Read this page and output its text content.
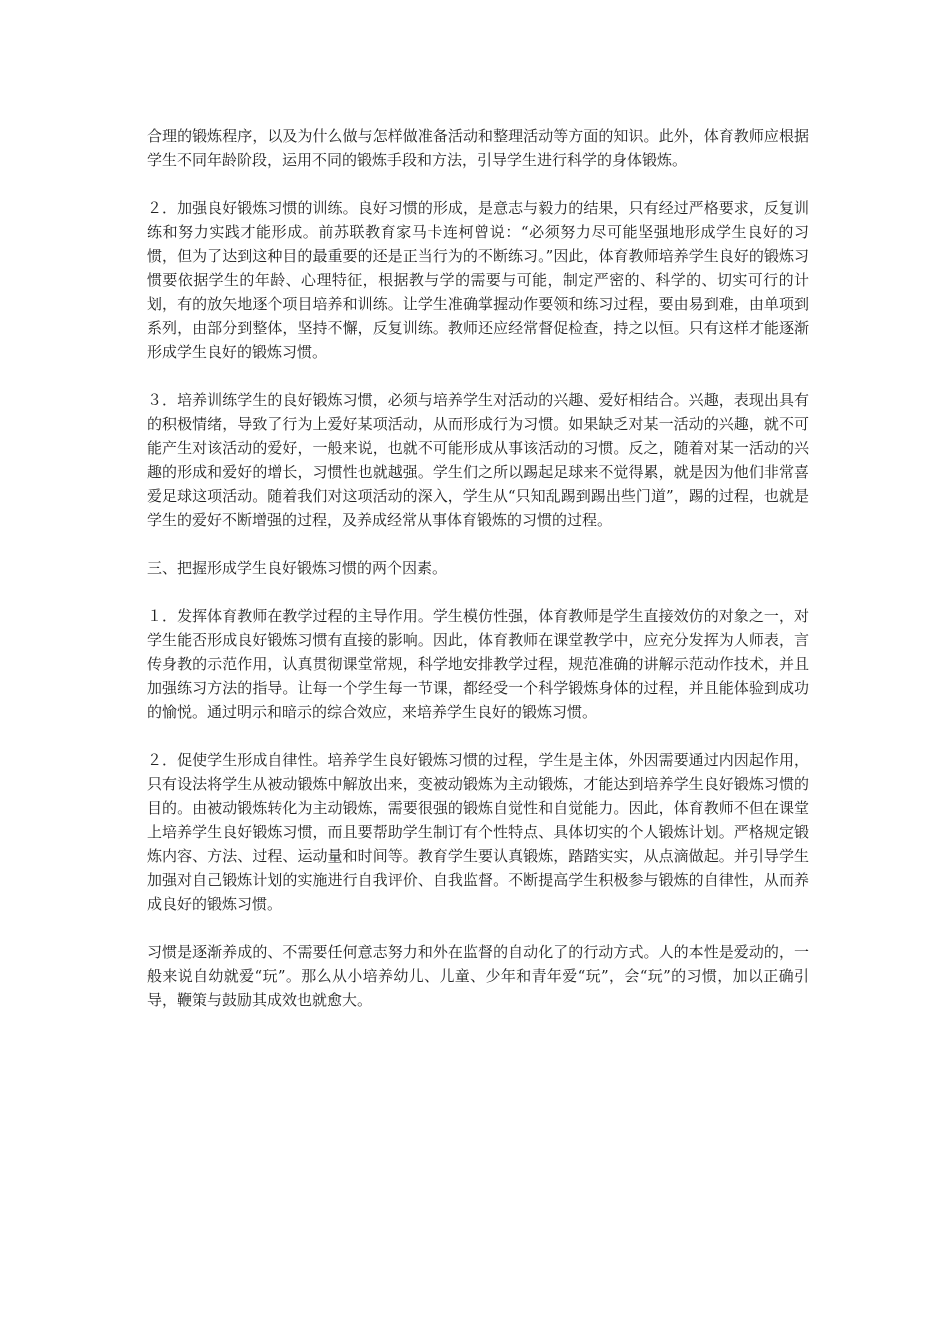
合理的锻炼程序，以及为什么做与怎样做准备活动和整理活动等方面的知识。此外，体育教师应根据学生不同年龄阶段，运用不同的锻炼手段和方法，引导学生进行科学的身体锻炼。

２．加强良好锻炼习惯的训练。良好习惯的形成，是意志与毅力的结果，只有经过严格要求，反复训练和努力实践才能形成。前苏联教育家马卡连柯曾说：“必须努力尽可能坚强地形成学生良好的习惯，但为了达到这种目的最重要的还是正当行为的不断练习。”因此，体育教师培养学生良好的锻炼习惯要依据学生的年龄、心理特征，根据教与学的需要与可能，制定严密的、科学的、切实可行的计划，有的放矢地逐个项目培养和训练。让学生准确掌握动作要领和练习过程，要由易到难，由单项到系列，由部分到整体，坚持不懈，反复训练。教师还应经常督促检查，持之以恒。只有这样才能逐渐形成学生良好的锻炼习惯。

３．培养训练学生的良好锻炼习惯，必须与培养学生对活动的兴趣、爱好相结合。兴趣，表现出具有的积极情绪，导致了行为上爱好某项活动，从而形成行为习惯。如果缺乏对某一活动的兴趣，就不可能产生对该活动的爱好，一般来说，也就不可能形成从事该活动的习惯。反之，随着对某一活动的兴趣的形成和爱好的增长，习惯性也就越强。学生们之所以踢起足球来不觉得累，就是因为他们非常喜爱足球这项活动。随着我们对这项活动的深入，学生从“只知乱踢到踢出些门道”，踢的过程，也就是学生的爱好不断增强的过程，及养成经常从事体育锻炼的习惯的过程。

三、把握形成学生良好锻炼习惯的两个因素。

１．发挥体育教师在教学过程的主导作用。学生模仿性强，体育教师是学生直接效仿的对象之一，对学生能否形成良好锻炼习惯有直接的影响。因此，体育教师在课堂教学中，应充分发挥为人师表，言传身教的示范作用，认真贯彻课堂常规，科学地安排教学过程，规范准确的讲解示范动作技术，并且加强练习方法的指导。让每一个学生每一节课，都经受一个科学锻炼身体的过程，并且能体验到成功的愉悦。通过明示和暗示的综合效应，来培养学生良好的锻炼习惯。

２．促使学生形成自律性。培养学生良好锻炼习惯的过程，学生是主体，外因需要通过内因起作用，只有设法将学生从被动锻炼中解放出来，变被动锻炼为主动锻炼，才能达到培养学生良好锻炼习惯的目的。由被动锻炼转化为主动锻炼，需要很强的锻炼自觉性和自觉能力。因此，体育教师不但在课堂上培养学生良好锻炼习惯，而且要帮助学生制订有个性特点、具体切实的个人锻炼计划。严格规定锻炼内容、方法、过程、运动量和时间等。教育学生要认真锻炼，踏踏实实，从点滴做起。并引导学生加强对自己锻炼计划的实施进行自我评价、自我监督。不断提高学生积极参与锻炼的自律性，从而养成良好的锻炼习惯。

习惯是逐渐养成的、不需要任何意志努力和外在监督的自动化了的行动方式。人的本性是爱动的，一般来说自幼就爱“玩”。那么从小培养幼儿、儿童、少年和青年爱“玩”，会“玩”的习惯，加以正确引导，鞭策与鼓励其成效也就愈大。
